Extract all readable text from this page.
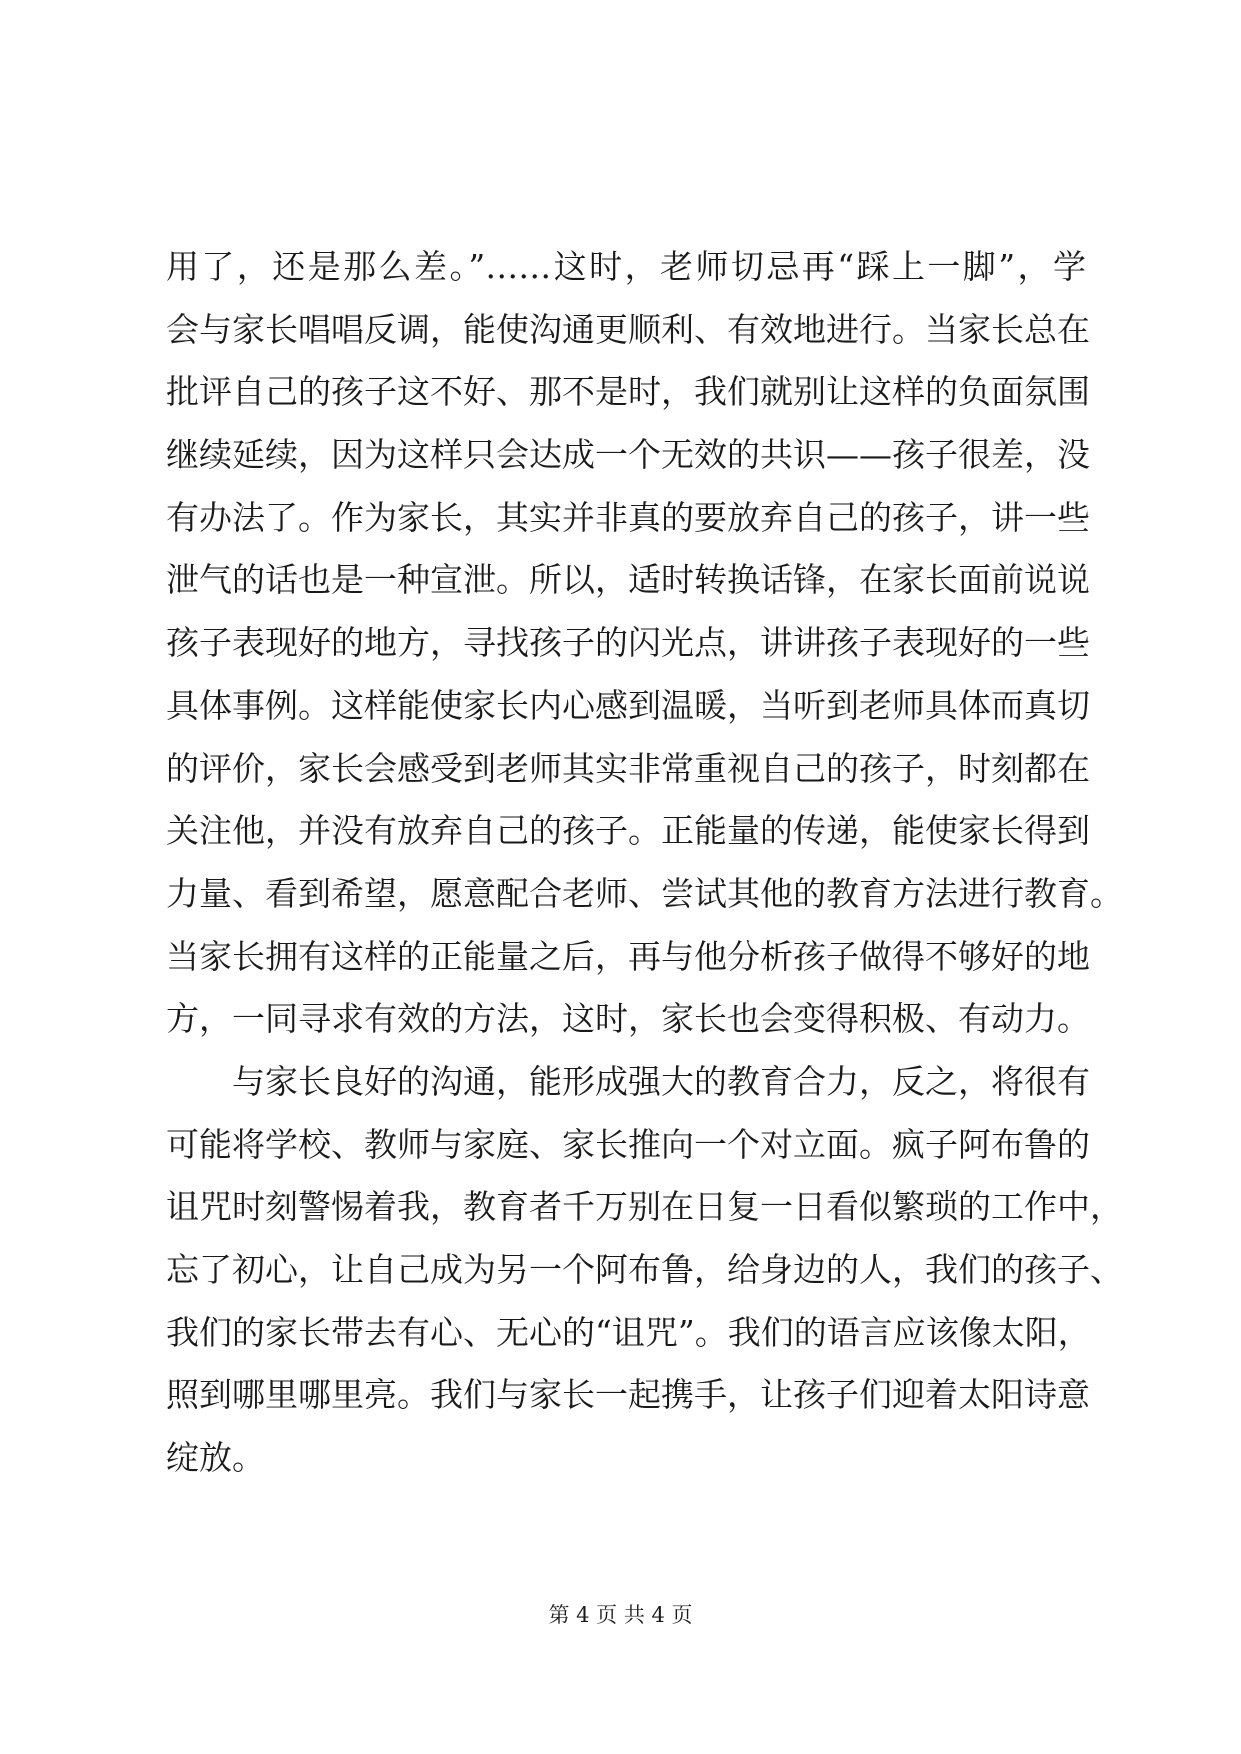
用了，还是那么差。”……这时，老师切忌再“踩上一脚”，学
会与家长唱唱反调，能使沟通更顺利、有效地进行。当家长总在
批评自己的孩子这不好、那不是时，我们就别让这样的负面氛围
继续延续，因为这样只会达成一个无效的共识——孩子很差，没
有办法了。作为家长，其实并非真的要放弃自己的孩子，讲一些
泄气的话也是一种宣泄。所以，适时转换话锋，在家长面前说说
孩子表现好的地方，寻找孩子的闪光点，讲讲孩子表现好的一些
具体事例。这样能使家长内心感到温暖，当听到老师具体而真切
的评价，家长会感受到老师其实非常重视自己的孩子，时刻都在
关注他，并没有放弃自己的孩子。正能量的传递，能使家长得到
力量、看到希望，愿意配合老师、尝试其他的教育方法进行教育。
当家长拥有这样的正能量之后，再与他分析孩子做得不够好的地
方，一同寻求有效的方法，这时，家长也会变得积极、有动力。
与家长良好的沟通，能形成强大的教育合力，反之，将很有
可能将学校、教师与家庭、家长推向一个对立面。疯子阿布鲁的
诅咒时刻警惕着我，教育者千万别在日复一日看似繁琐的工作中，
忘了初心，让自己成为另一个阿布鲁，给身边的人，我们的孩子、
我们的家长带去有心、无心的“诅咒”。我们的语言应该像太阳，
照到哪里哪里亮。我们与家长一起携手，让孩子们迎着太阳诗意
绽放。
第 4 页 共 4 页
